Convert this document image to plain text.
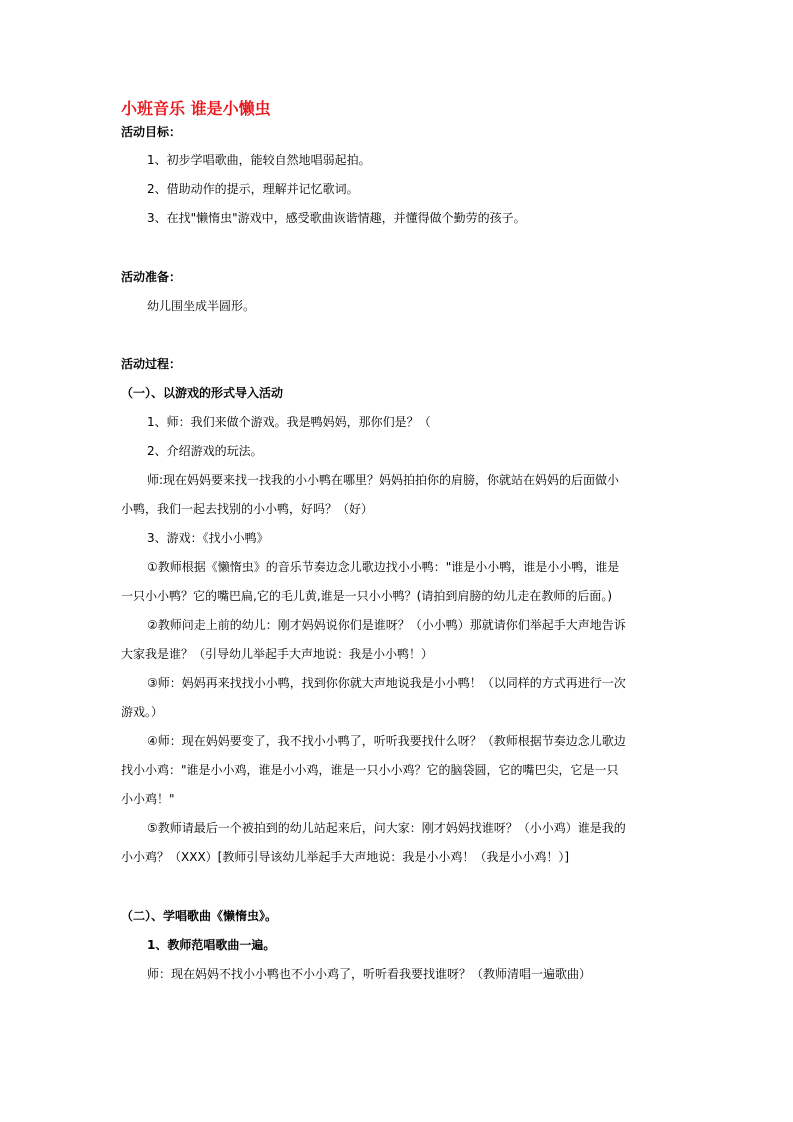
小班音乐 谁是小懒虫
活动目标：
1、初步学唱歌曲，能较自然地唱弱起拍。
2、借助动作的提示，理解并记忆歌词。
3、在找"懒惰虫"游戏中，感受歌曲诙谐情趣，并懂得做个勤劳的孩子。
活动准备：
幼儿围坐成半圆形。
活动过程：
（一）、以游戏的形式导入活动
1、师：我们来做个游戏。我是鸭妈妈，那你们是？（
2、介绍游戏的玩法。
师:现在妈妈要来找一找我的小小鸭在哪里？妈妈拍拍你的肩膀，你就站在妈妈的后面做小
小鸭，我们一起去找别的小小鸭，好吗？（好）
3、游戏：《找小小鸭》
①教师根据《懒惰虫》的音乐节奏边念儿歌边找小小鸭："谁是小小鸭，谁是小小鸭，谁是
一只小小鸭？它的嘴巴扁,它的毛儿黄,谁是一只小小鸭？(请拍到肩膀的幼儿走在教师的后面。)
②教师问走上前的幼儿：刚才妈妈说你们是谁呀？（小小鸭）那就请你们举起手大声地告诉
大家我是谁？（引导幼儿举起手大声地说：我是小小鸭！）
③师：妈妈再来找找小小鸭，找到你你就大声地说我是小小鸭！（以同样的方式再进行一次
游戏。）
④师：现在妈妈要变了，我不找小小鸭了，听听我要找什么呀？（教师根据节奏边念儿歌边
找小小鸡："谁是小小鸡，谁是小小鸡，谁是一只小小鸡？它的脑袋圆，它的嘴巴尖，它是一只
小小鸡！"
⑤教师请最后一个被拍到的幼儿站起来后，问大家：刚才妈妈找谁呀？（小小鸡）谁是我的
小小鸡？（XXX）[教师引导该幼儿举起手大声地说：我是小小鸡！（我是小小鸡！）]
（二）、学唱歌曲《懒惰虫》。
1、教师范唱歌曲一遍。
师：现在妈妈不找小小鸭也不小小鸡了，听听看我要找谁呀？（教师清唱一遍歌曲）
